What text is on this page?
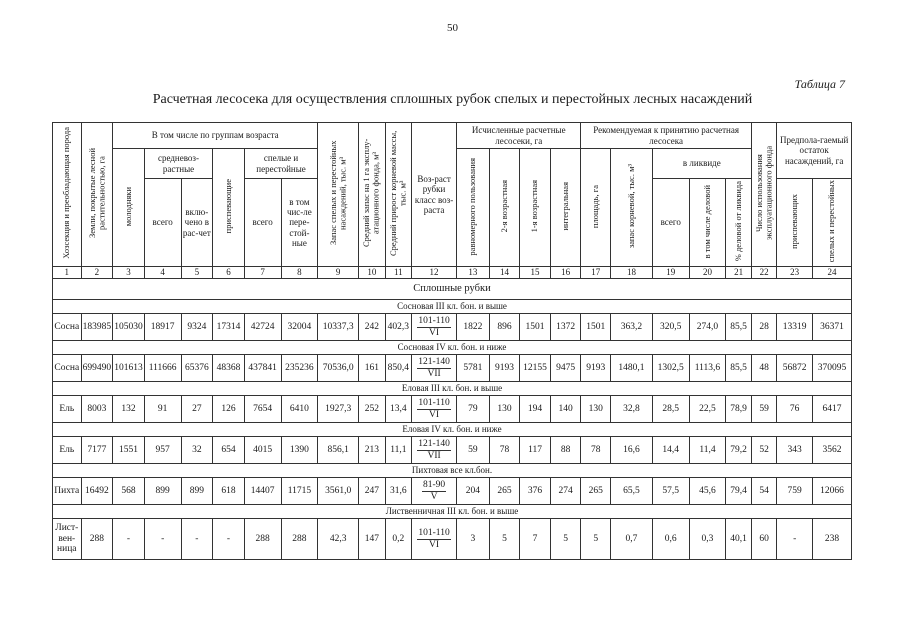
50
Таблица 7
Расчетная лесосека для осуществления сплошных рубок спелых и перестойных лесных насаждений
Хозсекция и преобладающая порода	Земли, покрытые лесной растительностью, га	В том числе по группам возраста						Запас спелых и перестойных насаждений, тыс. м³	Средний запас на 1 га эксплу-атационного фонда, м³	Средний прирост корневой массы, тыс. м³	Воз-раст рубки класс воз-раста	Исчисленные расчетные лесосеки, га				Рекомендуемая к принятию расчетная лесосека					Число использования эксплуатационного фонда	Предпола-гаемый остаток насаждений, га	
		молодняки	средневоз-растные		приспевающие	спелые и перестойные						равномерного пользования	2-я возрастная	1-я возрастная	интегральная	площадь, га	запас корневой, тыс. м³	в ликвиде					
			всего	вклю-чено в рас-чет		всего	в том чис-ле пере-стой-ные											всего	в том числе деловой	% деловой от ликвида		приспевающих	спелых и перестойных
1	2	3	4	5	6	7	8	9	10	11	12	13	14	15	16	17	18	19	20	21	22	23	24
Сплошные рубки																							
Сосновая III кл. бон. и выше																							
Сосна	183985	105030	18917	9324	17314	42724	32004	10337,3	242	402,3	$\frac{101-110}{VI}$	1822	896	1501	1372	1501	363,2	320,5	274,0	85,5	28	13319	36371
Сосновая IV кл. бон. и ниже																							
Сосна	699490	101613	111666	65376	48368	437841	235236	70536,0	161	850,4	$\frac{121-140}{\text{VII}}$	5781	9193	12155	9475	9193	1480,1	1302,5	1113,6	85,5	48	56872	370095
Еловая III кл. бон. и выше																							
Ель	8003	132	91	27	126	7654	6410	1927,3	252	13,4	$\frac{101-110}{VI}$	79	130	194	140	130	32,8	28,5	22,5	78,9	59	76	6417
Еловая IV кл. бон. и ниже																							
Ель	7177	1551	957	32	654	4015	1390	856,1	213	11,1	$\frac{121-140}{\text{VII}}$	59	78	117	88	78	16,6	14,4	11,4	79,2	52	343	3562
Пихтовая все кл.бон.																							
Пихта	16492	568	899	899	618	14407	11715	3561,0	247	31,6	$\frac{81-90}{V}$	204	265	376	274	265	65,5	57,5	45,6	79,4	54	759	12066
Лиственничная III кл. бон. и выше																							
Лист-вен-ница	288	-	-	-	-	288	288	42,3	147	0,2	$\frac{101-110}{VI}$	3	5	7	5	5	0,7	0,6	0,3	40,1	60	-	238
